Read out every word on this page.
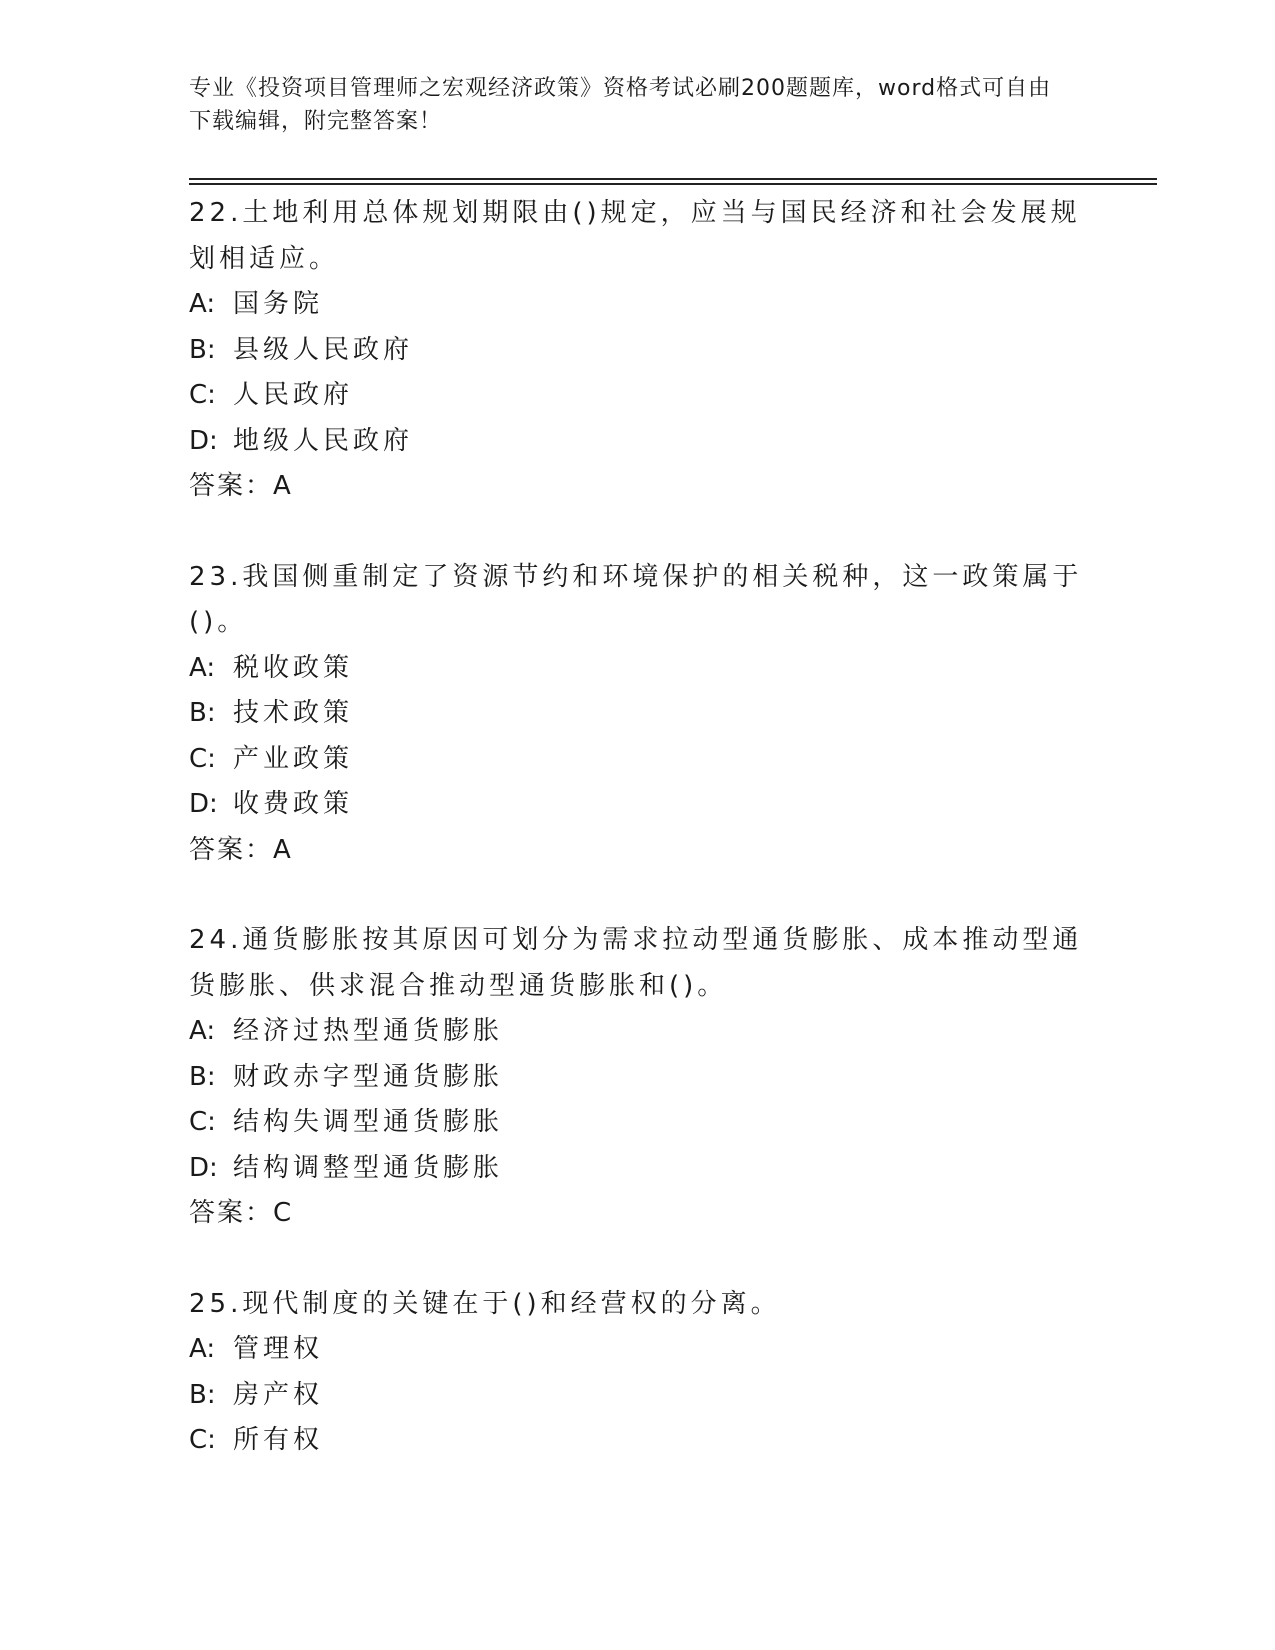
专业《投资项目管理师之宏观经济政策》资格考试必刷200题题库，word格式可自由下载编辑，附完整答案！
22.土地利用总体规划期限由()规定，应当与国民经济和社会发展规划相适应。
A: 国务院
B: 县级人民政府
C: 人民政府
D: 地级人民政府
答案：A
23.我国侧重制定了资源节约和环境保护的相关税种，这一政策属于()。
A: 税收政策
B: 技术政策
C: 产业政策
D: 收费政策
答案：A
24.通货膨胀按其原因可划分为需求拉动型通货膨胀、成本推动型通货膨胀、供求混合推动型通货膨胀和()。
A: 经济过热型通货膨胀
B: 财政赤字型通货膨胀
C: 结构失调型通货膨胀
D: 结构调整型通货膨胀
答案：C
25.现代制度的关键在于()和经营权的分离。
A: 管理权
B: 房产权
C: 所有权
